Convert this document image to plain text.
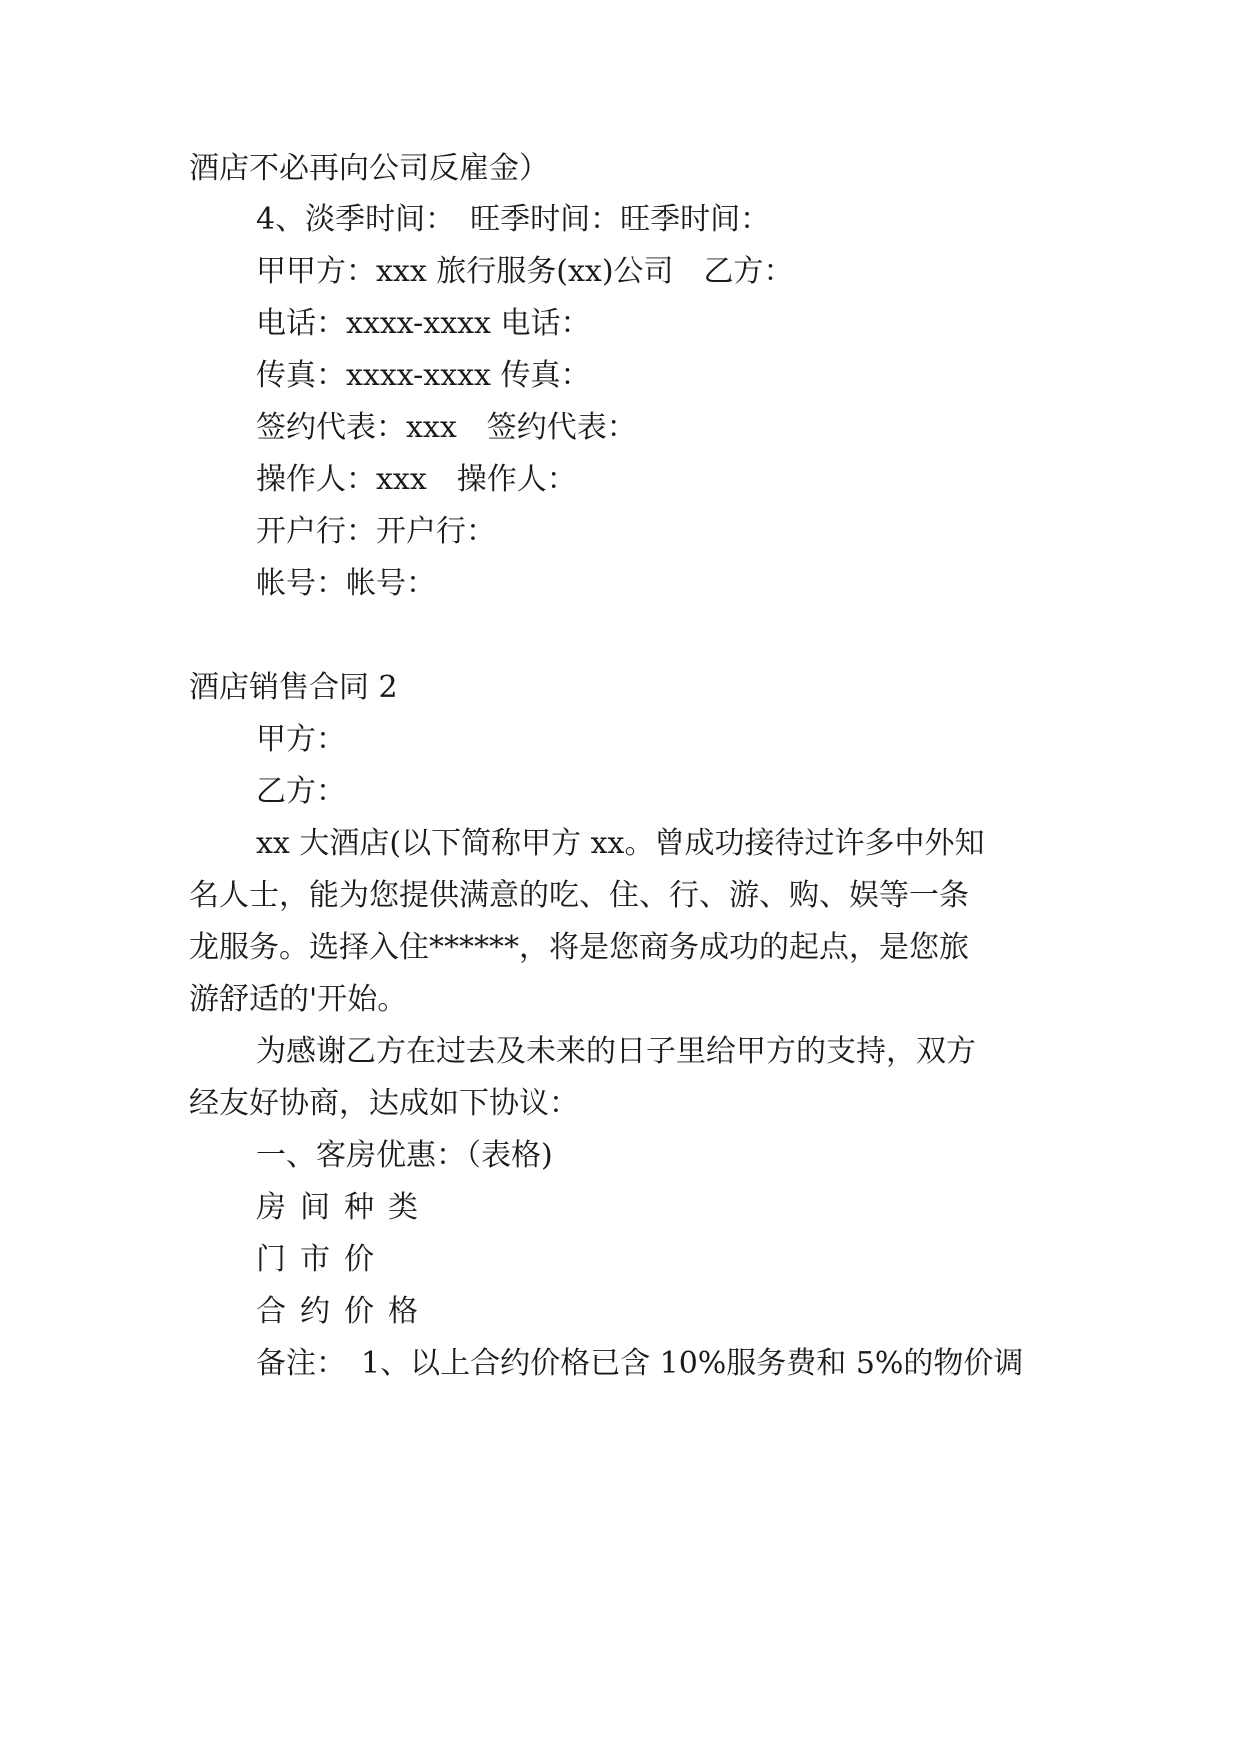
酒店不必再向公司反雇金）

4、淡季时间：　旺季时间：旺季时间：

甲甲方：xxx 旅行服务(xx)公司　乙方：

电话：xxxx-xxxx 电话：

传真：xxxx-xxxx 传真：

签约代表：xxx　签约代表：

操作人：xxx　操作人：

开户行：开户行：

帐号：帐号：

酒店销售合同 2

甲方：

乙方：

xx 大酒店(以下简称甲方 xx。曾成功接待过许多中外知

名人士，能为您提供满意的吃、住、行、游、购、娱等一条

龙服务。选择入住******，将是您商务成功的起点，是您旅

游舒适的'开始。

为感谢乙方在过去及未来的日子里给甲方的支持，双方

经友好协商，达成如下协议：

一、客房优惠：（表格)

房间种类

门市价

合约价格

备注：　1、以上合约价格已含 10%服务费和 5%的物价调
